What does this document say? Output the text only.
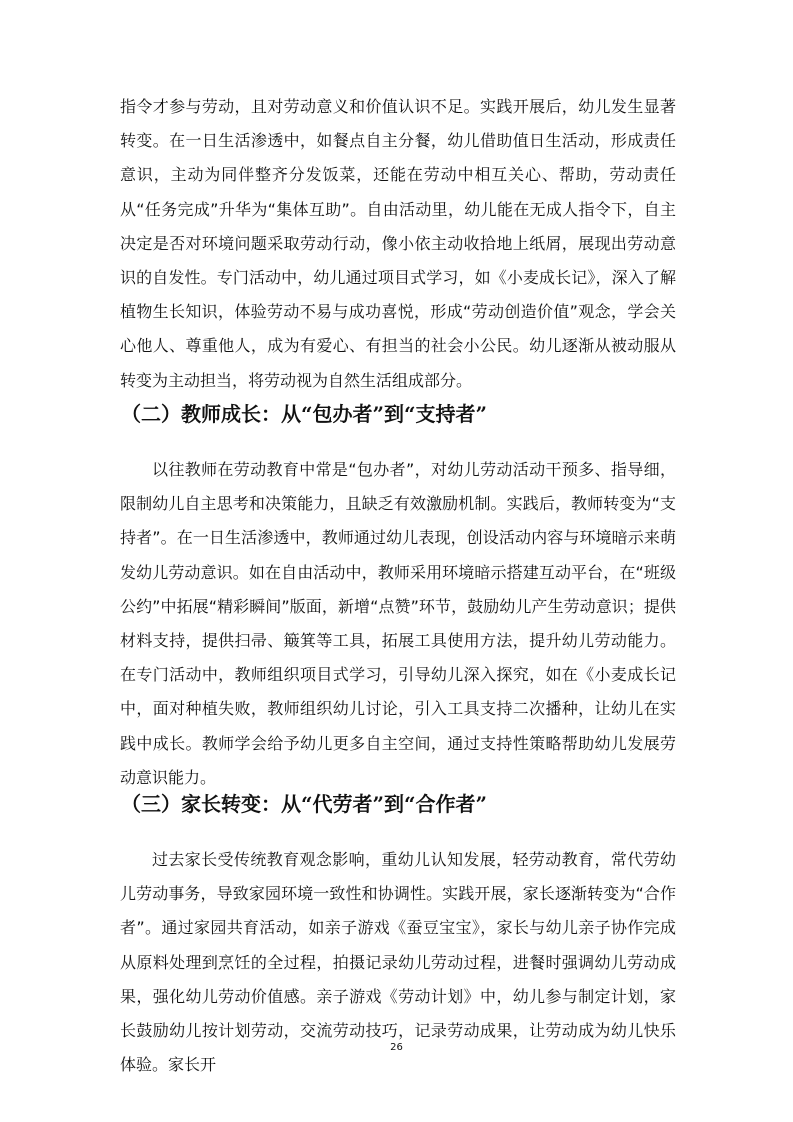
指令才参与劳动，且对劳动意义和价值认识不足。实践开展后，幼儿发生显著转变。在一日生活渗透中，如餐点自主分餐，幼儿借助值日生活动，形成责任意识，主动为同伴整齐分发饭菜，还能在劳动中相互关心、帮助，劳动责任从“任务完成”升华为“集体互助”。自由活动里，幼儿能在无成人指令下，自主决定是否对环境问题采取劳动行动，像小依主动收拾地上纸屑，展现出劳动意识的自发性。专门活动中，幼儿通过项目式学习，如《小麦成长记》，深入了解植物生长知识，体验劳动不易与成功喜悦，形成“劳动创造价值”观念，学会关心他人、尊重他人，成为有爱心、有担当的社会小公民。幼儿逐渐从被动服从转变为主动担当，将劳动视为自然生活组成部分。

（二）教师成长：从“包办者”到“支持者”

以往教师在劳动教育中常是“包办者”，对幼儿劳动活动干预多、指导细，限制幼儿自主思考和决策能力，且缺乏有效激励机制。实践后，教师转变为“支持者”。在一日生活渗透中，教师通过幼儿表现，创设活动内容与环境暗示来萌发幼儿劳动意识。如在自由活动中，教师采用环境暗示搭建互动平台，在“班级公约”中拓展“精彩瞬间”版面，新增“点赞”环节，鼓励幼儿产生劳动意识；提供材料支持，提供扫帚、簸箕等工具，拓展工具使用方法，提升幼儿劳动能力。在专门活动中，教师组织项目式学习，引导幼儿深入探究，如在《小麦成长记中，面对种植失败，教师组织幼儿讨论，引入工具支持二次播种，让幼儿在实践中成长。教师学会给予幼儿更多自主空间，通过支持性策略帮助幼儿发展劳动意识能力。

（三）家长转变：从“代劳者”到“合作者”

过去家长受传统教育观念影响，重幼儿认知发展，轻劳动教育，常代劳幼儿劳动事务，导致家园环境一致性和协调性。实践开展，家长逐渐转变为“合作者”。通过家园共育活动，如亲子游戏《蚕豆宝宝》，家长与幼儿亲子协作完成从原料处理到烹饪的全过程，拍摄记录幼儿劳动过程，进餐时强调幼儿劳动成果，强化幼儿劳动价值感。亲子游戏《劳动计划》中，幼儿参与制定计划，家长鼓励幼儿按计划劳动，交流劳动技巧，记录劳动成果，让劳动成为幼儿快乐体验。家长开

26
